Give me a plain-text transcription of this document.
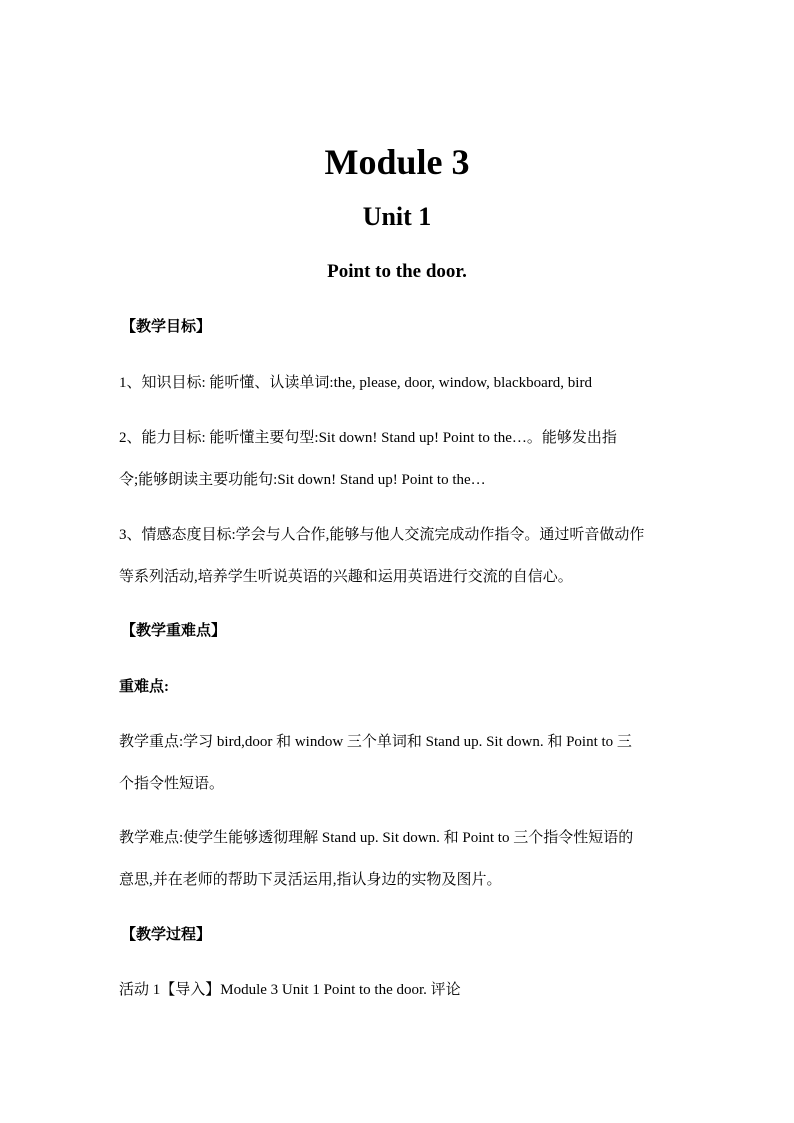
Module 3
Unit 1
Point to the door.

【教学目标】

1、知识目标: 能听懂、认读单词:the, please, door, window, blackboard, bird

2、能力目标: 能听懂主要句型:Sit down! Stand up! Point to the…。能够发出指

令;能够朗读主要功能句:Sit down! Stand up! Point to the…

3、情感态度目标:学会与人合作,能够与他人交流完成动作指令。通过听音做动作

等系列活动,培养学生听说英语的兴趣和运用英语进行交流的自信心。

【教学重难点】

重难点:

教学重点:学习 bird,door 和 window 三个单词和 Stand up. Sit down. 和 Point to 三

个指令性短语。

教学难点:使学生能够透彻理解 Stand up. Sit down. 和 Point to 三个指令性短语的

意思,并在老师的帮助下灵活运用,指认身边的实物及图片。

【教学过程】

活动 1【导入】Module 3 Unit 1 Point to the door. 评论
